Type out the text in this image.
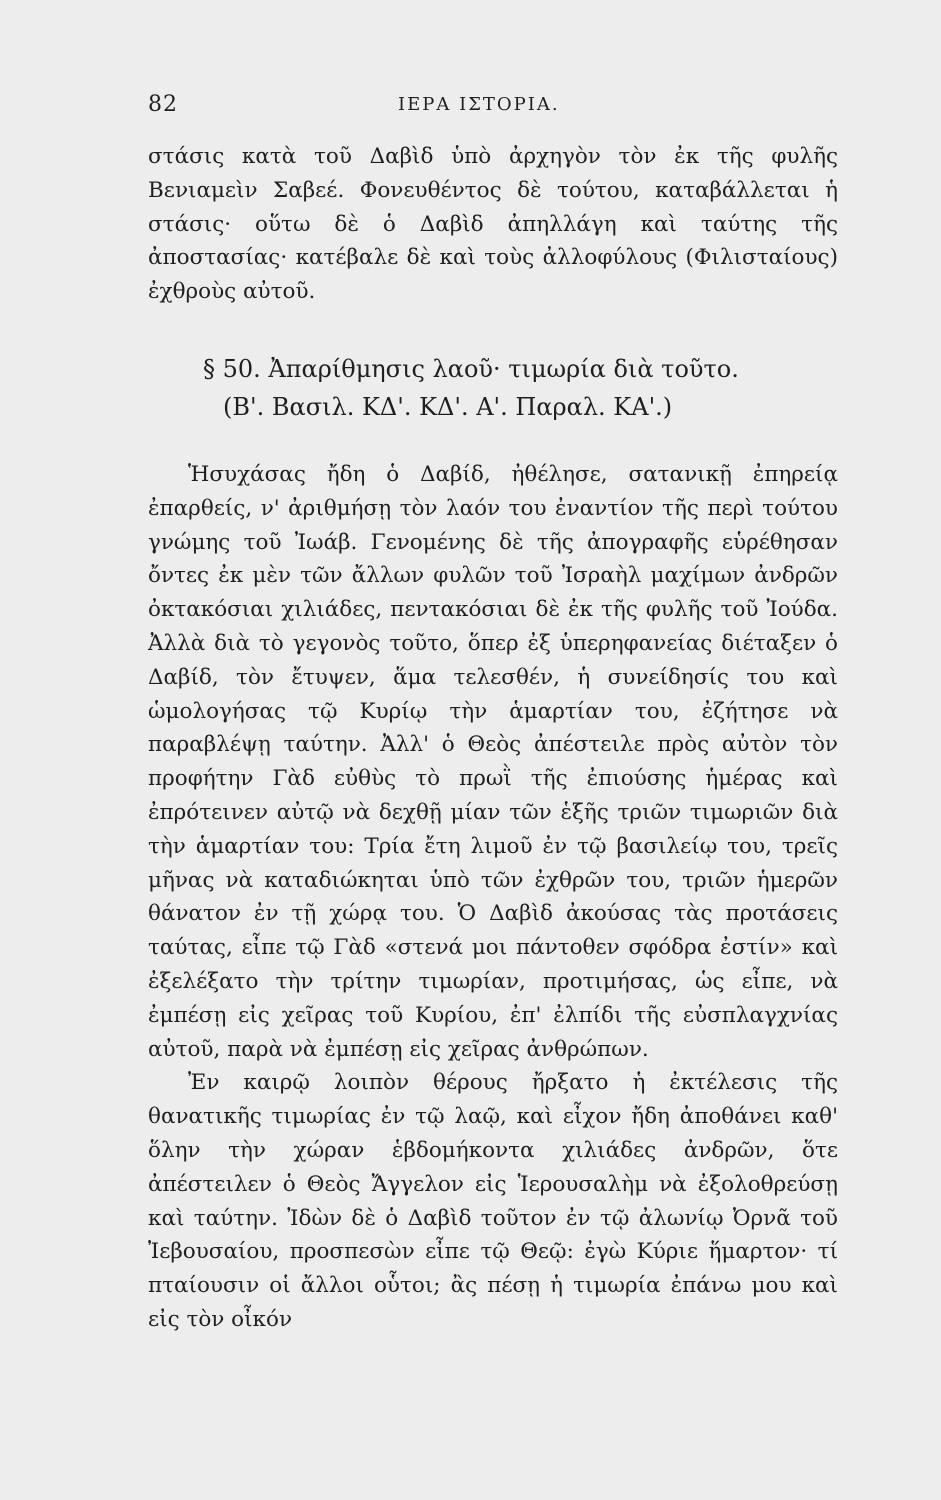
82	ΙΕΡΑ ΙΣΤΟΡΙΑ.

στάσις κατὰ τοῦ Δαβὶδ ὑπὸ ἀρχηγὸν τὸν ἐκ τῆς φυλῆς Βενιαμεὶν Σαβεέ. Φονευθέντος δὲ τούτου, καταβάλλεται ἡ στάσις· οὕτω δὲ ὁ Δαβὶδ ἀπηλλάγη καὶ ταύτης τῆς ἀποστασίας· κατέβαλε δὲ καὶ τοὺς ἀλλοφύλους (Φιλισταίους) ἐχθροὺς αὐτοῦ.

§ 50. Ἀπαρίθμησις λαοῦ· τιμωρία διὰ τοῦτο.
(Β'. Βασιλ. ΚΔ'. ΚΔ'. Α'. Παραλ. ΚΑ'.)

Ἡσυχάσας ἤδη ὁ Δαβίδ, ἠθέλησε, σατανικῇ ἐπηρείᾳ ἐπαρθείς, ν' ἀριθμήσῃ τὸν λαόν του ἐναντίον τῆς περὶ τούτου γνώμης τοῦ Ἰωάβ. Γενομένης δὲ τῆς ἀπογραφῆς εὑρέθησαν ὄντες ἐκ μὲν τῶν ἄλλων φυλῶν τοῦ Ἰσραὴλ μαχίμων ἀνδρῶν ὀκτακόσιαι χιλιάδες, πεντακόσιαι δὲ ἐκ τῆς φυλῆς τοῦ Ἰούδα. Ἀλλὰ διὰ τὸ γεγονὸς τοῦτο, ὅπερ ἐξ ὑπερηφανείας διέταξεν ὁ Δαβίδ, τὸν ἔτυψεν, ἅμα τελεσθέν, ἡ συνείδησίς του καὶ ὡμολογήσας τῷ Κυρίῳ τὴν ἁμαρτίαν του, ἐζήτησε νὰ παραβλέψῃ ταύτην. Ἀλλ' ὁ Θεὸς ἀπέστειλε πρὸς αὐτὸν τὸν προφήτην Γὰδ εὐθὺς τὸ πρωῒ τῆς ἐπιούσης ἡμέρας καὶ ἐπρότεινεν αὐτῷ νὰ δεχθῇ μίαν τῶν ἑξῆς τριῶν τιμωριῶν διὰ τὴν ἁμαρτίαν του: Τρία ἔτη λιμοῦ ἐν τῷ βασιλείῳ του, τρεῖς μῆνας νὰ καταδιώκηται ὑπὸ τῶν ἐχθρῶν του, τριῶν ἡμερῶν θάνατον ἐν τῇ χώρᾳ του. Ὁ Δαβὶδ ἀκούσας τὰς προτάσεις ταύτας, εἶπε τῷ Γὰδ «στενά μοι πάντοθεν σφόδρα ἐστίν» καὶ ἐξελέξατο τὴν τρίτην τιμωρίαν, προτιμήσας, ὡς εἶπε, νὰ ἐμπέσῃ εἰς χεῖρας τοῦ Κυρίου, ἐπ' ἐλπίδι τῆς εὐσπλαγχνίας αὐτοῦ, παρὰ νὰ ἐμπέσῃ εἰς χεῖρας ἀνθρώπων.

Ἐν καιρῷ λοιπὸν θέρους ἤρξατο ἡ ἐκτέλεσις τῆς θανατικῆς τιμωρίας ἐν τῷ λαῷ, καὶ εἶχον ἤδη ἀποθάνει καθ' ὅλην τὴν χώραν ἑβδομήκοντα χιλιάδες ἀνδρῶν, ὅτε ἀπέστειλεν ὁ Θεὸς Ἄγγελον εἰς Ἱερουσαλὴμ νὰ ἐξολοθρεύσῃ καὶ ταύτην. Ἰδὼν δὲ ὁ Δαβὶδ τοῦτον ἐν τῷ ἀλωνίῳ Ὀρνᾶ τοῦ Ἰεβουσαίου, προσπεσὼν εἶπε τῷ Θεῷ: ἐγὼ Κύριε ἥμαρτον· τί πταίουσιν οἱ ἄλλοι οὗτοι; ἂς πέσῃ ἡ τιμωρία ἐπάνω μου καὶ εἰς τὸν οἶκόν
